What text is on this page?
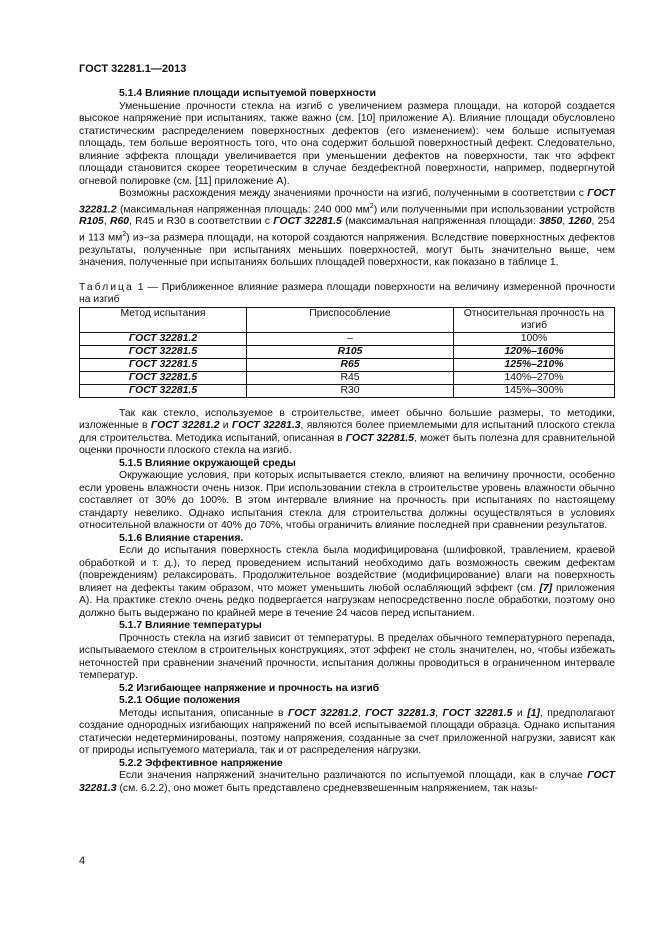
ГОСТ 32281.1—2013
5.1.4 Влияние площади испытуемой поверхности

Уменьшение прочности стекла на изгиб с увеличением размера площади, на которой создается высокое напряжение при испытаниях, также важно (см. [10] приложение А). Влияние площади обусловлено статистическим распределением поверхностных дефектов (его изменением): чем больше испытуемая площадь, тем больше вероятность того, что она содержит большой поверхностный дефект. Следовательно, влияние эффекта площади увеличивается при уменьшении дефектов на поверхности, так что эффект площади становится скорее теоретическим в случае бездефектной поверхности, например, подвергнутой огневой полировке (см. [11] приложение А).

Возможны расхождения между значениями прочности на изгиб, полученными в соответствии с ГОСТ 32281.2 (максимальная напряженная площадь: 240 000 $мм^2$) или полученными при использовании устройств R105, R60, R45 и R30 в соответствии с ГОСТ 32281.5 (максимальная напряженная площади: 3850, 1260, 254 и 113 $мм^2$) из–за размера площади, на которой создаются напряжения. Вследствие поверхностных дефектов результаты, полученные при испытаниях меньших поверхностей, могут быть значительно выше, чем значения, полученные при испытаниях больших площадей поверхности, как показано в таблице 1.

Таблица 1 — Приближенное влияние размера площади поверхности на величину измеренной прочности на изгиб
Метод испытания	Приспособление	Относительная прочность на изгиб
ГОСТ 32281.2	–	100%
ГОСТ 32281.5	R105	120%–160%
ГОСТ 32281.5	R65	125%–210%
ГОСТ 32281.5	R45	140%–270%
ГОСТ 32281.5	R30	145%–300%

Так как стекло, используемое в строительстве, имеет обычно большие размеры, то методики, изложенные в ГОСТ 32281.2 и ГОСТ 32281.3, являются более приемлемыми для испытаний плоского стекла для строительства. Методика испытаний, описанная в ГОСТ 32281.5, может быть полезна для сравнительной оценки прочности плоского стекла на изгиб.

5.1.5 Влияние окружающей среды

Окружающие условия, при которых испытывается стекло, влияют на величину прочности, особенно если уровень влажности очень низок. При использовании стекла в строительстве уровень влажности обычно составляет от 30% до 100%. В этом интервале влияние на прочность при испытаниях по настоящему стандарту невелико. Однако испытания стекла для строительства должны осуществляться в условиях относительной влажности от 40% до 70%, чтобы ограничить влияние последней при сравнении результатов.

5.1.6 Влияние старения.

Если до испытания поверхность стекла была модифицирована (шлифовкой, травлением, краевой обработкой и т. д.), то перед проведением испытаний необходимо дать возможность свежим дефектам (повреждениям) релаксировать. Продолжительное воздействие (модифицирование) влаги на поверхность влияет на дефекты таким образом, что может уменьшить любой ослабляющий эффект (см. [7] приложения А). На практике стекло очень редко подвергается нагрузкам непосредственно после обработки, поэтому оно должно быть выдержано по крайней мере в течение 24 часов перед испытанием.

5.1.7 Влияние температуры

Прочность стекла на изгиб зависит от температуры. В пределах обычного температурного перепада, испытываемого стеклом в строительных конструкциях, этот эффект не столь значителен, но, чтобы избежать неточностей при сравнении значений прочности, испытания должны проводиться в ограниченном интервале температур.

5.2 Изгибающее напряжение и прочность на изгиб
5.2.1 Общие положения

Методы испытания, описанные в ГОСТ 32281.2, ГОСТ 32281.3, ГОСТ 32281.5 и [1], предполагают создание однородных изгибающих напряжений по всей испытываемой площади образца. Однако испытания статически недетерминированы, поэтому напряжения, созданные за счет приложенной нагрузки, зависят как от природы испытуемого материала, так и от распределения нагрузки.

5.2.2 Эффективное напряжение

Если значения напряжений значительно различаются по испытуемой площади, как в случае ГОСТ 32281.3 (см. 6.2.2), оно может быть представлено средневзвешенным напряжением, так назы-

4
